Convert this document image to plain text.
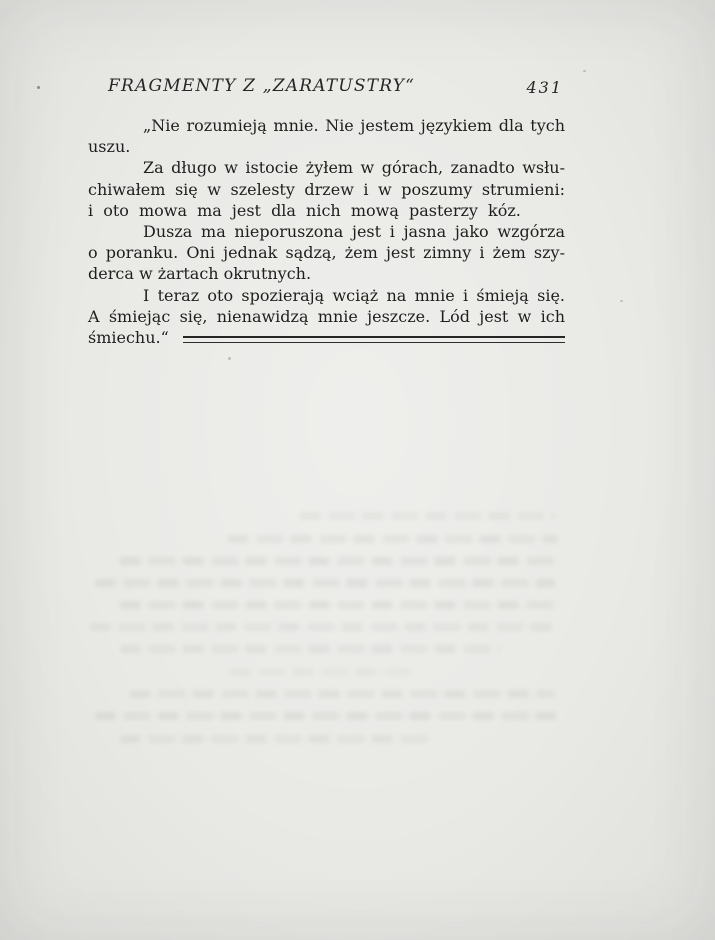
FRAGMENTY Z „ZARATUSTRY“	431
„Nie rozumieją mnie. Nie jestem językiem dla tych
uszu.
Za długo w istocie żyłem w górach, zanadto wsłu-
chiwałem się w szelesty drzew i w poszumy strumieni:
i oto mowa ma jest dla nich mową pasterzy kóz.
Dusza ma nieporuszona jest i jasna jako wzgórza
o poranku. Oni jednak sądzą, żem jest zimny i żem szy-
derca w żartach okrutnych.
I teraz oto spozierają wciąż na mnie i śmieją się.
A śmiejąc się, nienawidzą mnie jeszcze. Lód jest w ich
śmiechu.“
